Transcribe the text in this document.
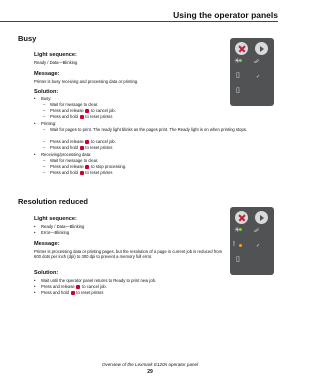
Using the operator panels
Busy
☀	☍
▯	✓
▯
Light sequence:
Ready / Data—Blinking
Message:
Printer is busy receiving and processing data or printing.
Solution:
• Busy:
– Wait for message to clear.
– Press and release to cancel job.
– Press and hold to reset printer.
• Printing:
–	Wait for pages to print. The ready light blinks as the pages print. The Ready light is on when printing stops.
– Press and release to cancel job.
– Press and hold to reset printer.
• Receiving/processing data:
– Wait for message to clear.
– Press and release to stop processing.
– Press and hold to reset printer.
Resolution reduced
☀	☍
!	✓
▯
Light sequence:
• Ready / Data—Blinking
• Error—Blinking
Message:
Printer is processing data or printing pages, but the resolution of a page in current job is reduced from 600 dots per inch (dpi) to 300 dpi to prevent a memory full error.
Solution:
• Wait until the operator panel returns to Ready to print new job.
• Press and release to cancel job.
• Press and hold to reset printer.
Overview of the Lexmark E120n operator panel
29
